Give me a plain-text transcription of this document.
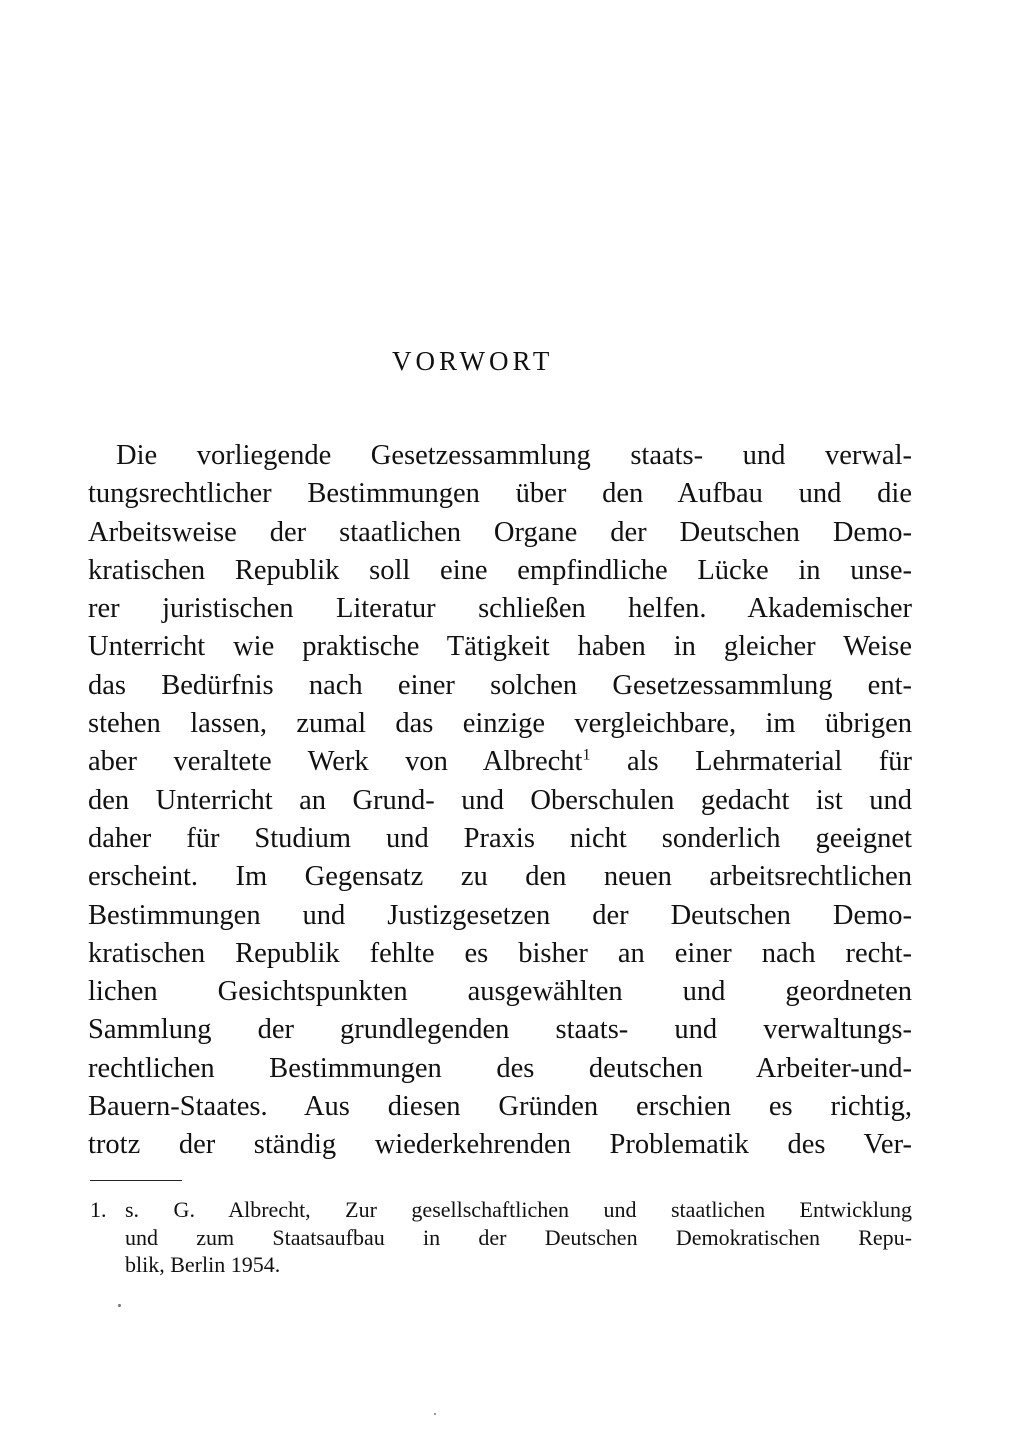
VORWORT
Die vorliegende Gesetzessammlung staats- und verwal-
tungsrechtlicher Bestimmungen über den Aufbau und die
Arbeitsweise der staatlichen Organe der Deutschen Demo-
kratischen Republik soll eine empfindliche Lücke in unse-
rer juristischen Literatur schließen helfen. Akademischer
Unterricht wie praktische Tätigkeit haben in gleicher Weise
das Bedürfnis nach einer solchen Gesetzessammlung ent-
stehen lassen, zumal das einzige vergleichbare, im übrigen
aber veraltete Werk von Albrecht$^1$ als Lehrmaterial für
den Unterricht an Grund- und Oberschulen gedacht ist und
daher für Studium und Praxis nicht sonderlich geeignet
erscheint. Im Gegensatz zu den neuen arbeitsrechtlichen
Bestimmungen und Justizgesetzen der Deutschen Demo-
kratischen Republik fehlte es bisher an einer nach recht-
lichen Gesichtspunkten ausgewählten und geordneten
Sammlung der grundlegenden staats- und verwaltungs-
rechtlichen Bestimmungen des deutschen Arbeiter-und-
Bauern-Staates. Aus diesen Gründen erschien es richtig,
trotz der ständig wiederkehrenden Problematik des Ver-
1. s. G. Albrecht, Zur gesellschaftlichen und staatlichen Entwicklung
und zum Staatsaufbau in der Deutschen Demokratischen Repu-
blik, Berlin 1954.
